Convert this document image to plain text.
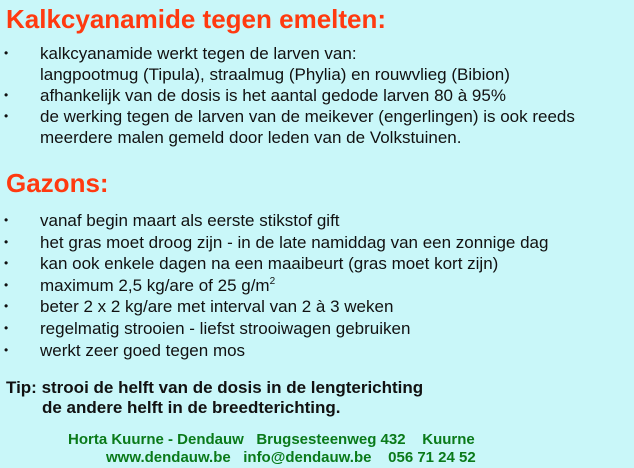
Kalkcyanamide tegen emelten:
• kalkcyanamide werkt tegen de larven van:
langpootmug (Tipula), straalmug (Phylia) en rouwvlieg (Bibion)
• afhankelijk van de dosis is het aantal gedode larven 80 à 95%
• de werking tegen de larven van de meikever (engerlingen) is ook reeds
meerdere malen gemeld door leden van de Volkstuinen.
Gazons:
• vanaf begin maart als eerste stikstof gift
• het gras moet droog zijn - in de late namiddag van een zonnige dag
• kan ook enkele dagen na een maaibeurt (gras moet kort zijn)
• maximum 2,5 kg/are of 25 $g/m^2$
• beter 2 x 2 kg/are met interval van 2 à 3 weken
• regelmatig strooien - liefst strooiwagen gebruiken
• werkt zeer goed tegen mos

Tip: strooi de helft van de dosis in de lengterichting
de andere helft in de breedterichting.

Horta Kuurne - Dendauw   Brugsesteenweg 432    Kuurne
www.dendauw.be   info@dendauw.be    056 71 24 52
